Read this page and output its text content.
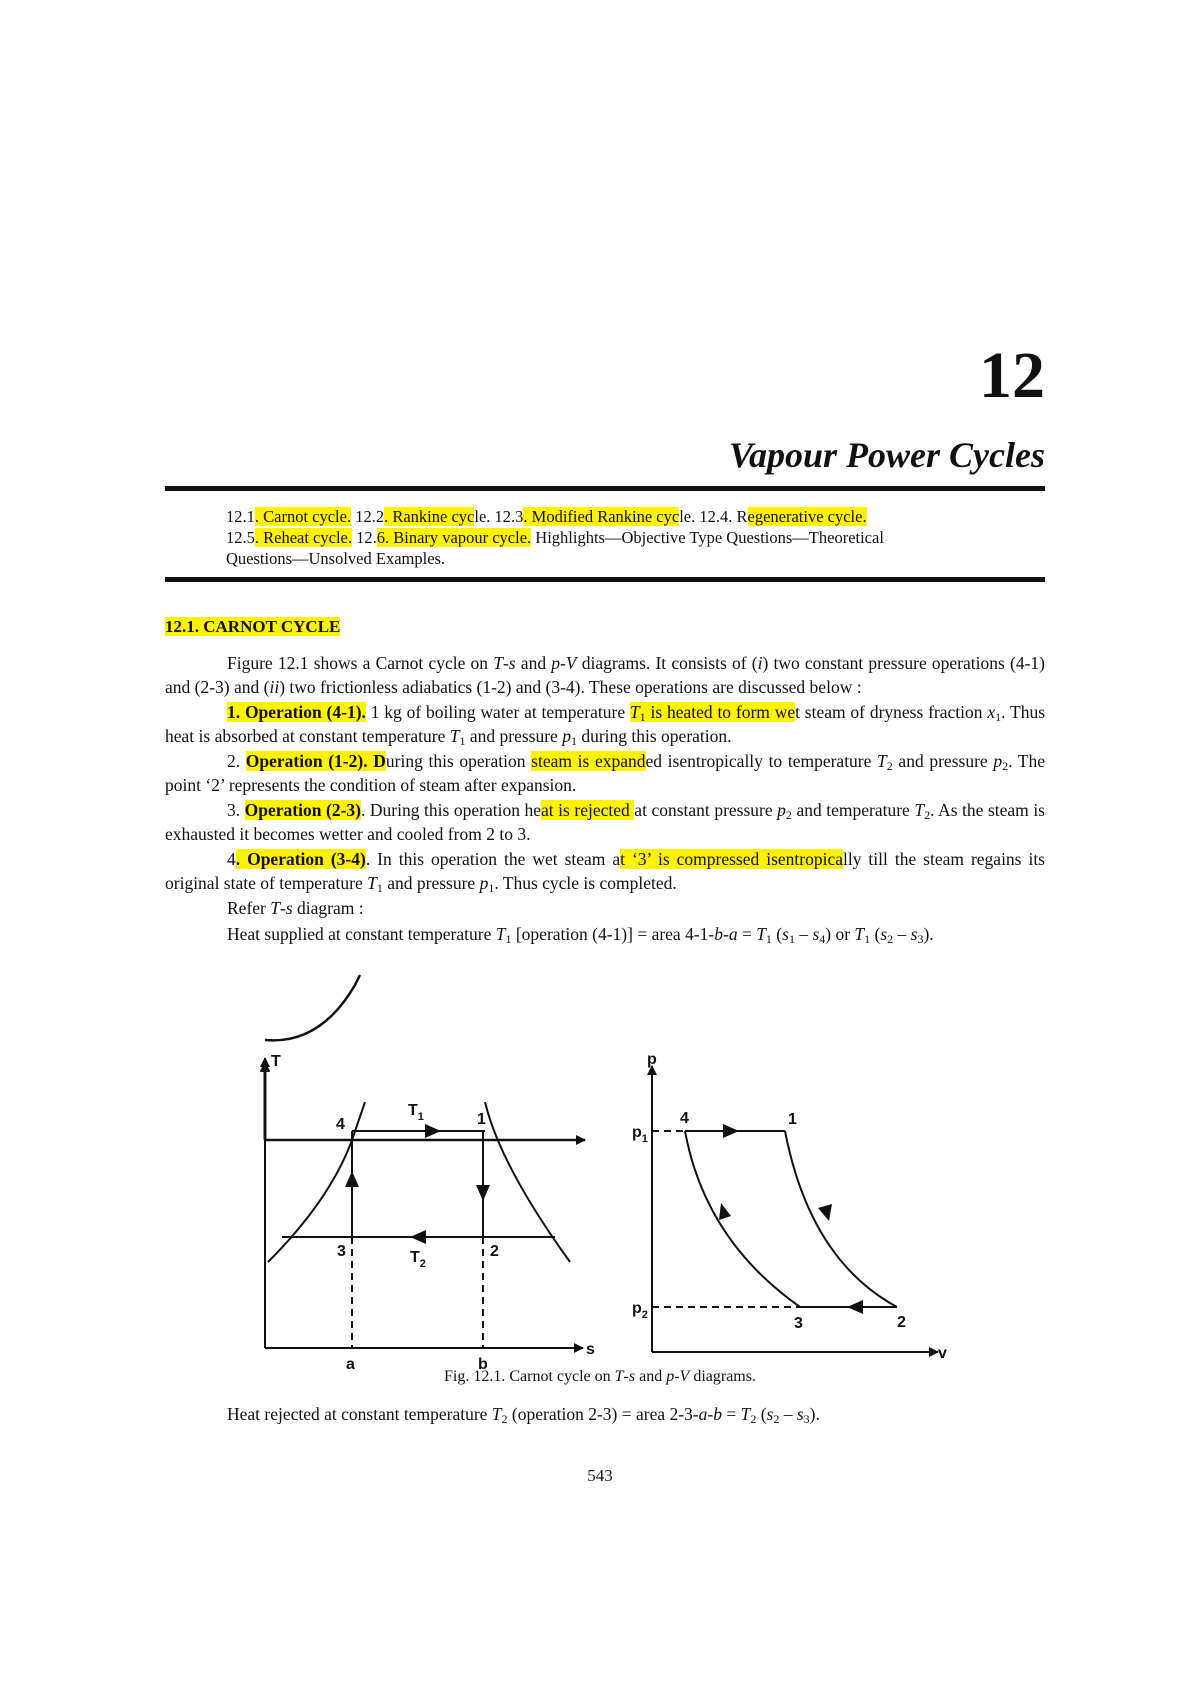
12
Vapour Power Cycles
12.1. Carnot cycle. 12.2. Rankine cycle. 12.3. Modified Rankine cycle. 12.4. Regenerative cycle.
12.5. Reheat cycle. 12.6. Binary vapour cycle. Highlights—Objective Type Questions—Theoretical
Questions—Unsolved Examples.
12.1. CARNOT CYCLE

Figure 12.1 shows a Carnot cycle on T-s and p-V diagrams. It consists of (i) two constant pressure operations (4-1) and (2-3) and (ii) two frictionless adiabatics (1-2) and (3-4). These operations are discussed below :

1. Operation (4-1). 1 kg of boiling water at temperature $T_1$ is heated to form wet steam of dryness fraction $x_1$. Thus heat is absorbed at constant temperature $T_1$ and pressure $p_1$ during this operation.

2. Operation (1-2). During this operation steam is expanded isentropically to temperature $T_2$ and pressure $p_2$. The point ‘2’ represents the condition of steam after expansion.

3. Operation (2-3). During this operation heat is rejected at constant pressure $p_2$ and temperature $T_2$. As the steam is exhausted it becomes wetter and cooled from 2 to 3.

4. Operation (3-4). In this operation the wet steam at ‘3’ is compressed isentropically till the steam regains its original state of temperature $T_1$ and pressure $p_1$. Thus cycle is completed.

Refer T-s diagram :

Heat supplied at constant temperature $T_1$ [operation (4-1)] = area $4-1-b-a = T_1$ $(s_1 - s_4)$ or $T_1$ $(s_2 - s_3)$.

T
s
4	1
3	2
$T_1$
$T_2$
a	b
p
v
$p_1$
$p_2$
4	1
3	2
Fig. 12.1. Carnot cycle on T-s and p-V diagrams.
Heat rejected at constant temperature $T_2$ (operation 2-3) = area $2-3-a-b = T_2$ $(s_2 - s_3)$.
543
